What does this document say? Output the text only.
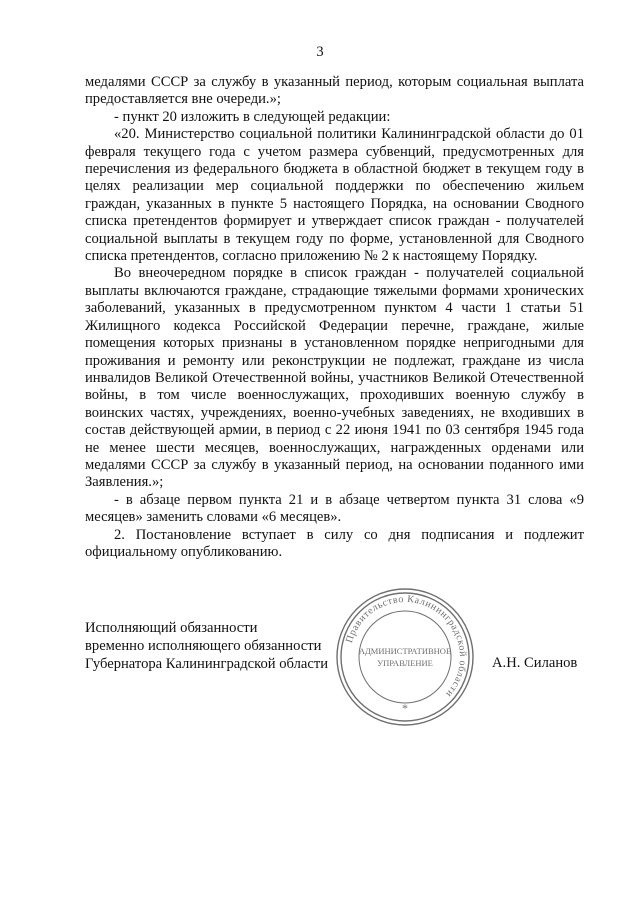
3

медалями СССР за службу в указанный период, которым социальная выплата предоставляется вне очереди.»;

- пункт 20 изложить в следующей редакции:

«20. Министерство социальной политики Калининградской области до 01 февраля текущего года с учетом размера субвенций, предусмотренных для перечисления из федерального бюджета в областной бюджет в текущем году в целях реализации мер социальной поддержки по обеспечению жильем граждан, указанных в пункте 5 настоящего Порядка, на основании Сводного списка претендентов формирует и утверждает список граждан - получателей социальной выплаты в текущем году по форме, установленной для Сводного списка претендентов, согласно приложению № 2 к настоящему Порядку.

Во внеочередном порядке в список граждан - получателей социальной выплаты включаются граждане, страдающие тяжелыми формами хронических заболеваний, указанных в предусмотренном пунктом 4 части 1 статьи 51 Жилищного кодекса Российской Федерации перечне, граждане, жилые помещения которых признаны в установленном порядке непригодными для проживания и ремонту или реконструкции не подлежат, граждане из числа инвалидов Великой Отечественной войны, участников Великой Отечественной войны, в том числе военнослужащих, проходивших военную службу в воинских частях, учреждениях, военно-учебных заведениях, не входивших в состав действующей армии, в период с 22 июня 1941 по 03 сентября 1945 года не менее шести месяцев, военнослужащих, награжденных орденами или медалями СССР за службу в указанный период, на основании поданного ими Заявления.»;

- в абзаце первом пункта 21 и в абзаце четвертом пункта 31 слова «9 месяцев» заменить словами «6 месяцев».

2. Постановление вступает в силу со дня подписания и подлежит официальному опубликованию.

Исполняющий обязанности
временно исполняющего обязанности
Губернатора Калининградской области
Правительство Калининградской области
АДМИНИСТРАТИВНОЕ
УПРАВЛЕНИЕ
*
А.Н. Силанов
